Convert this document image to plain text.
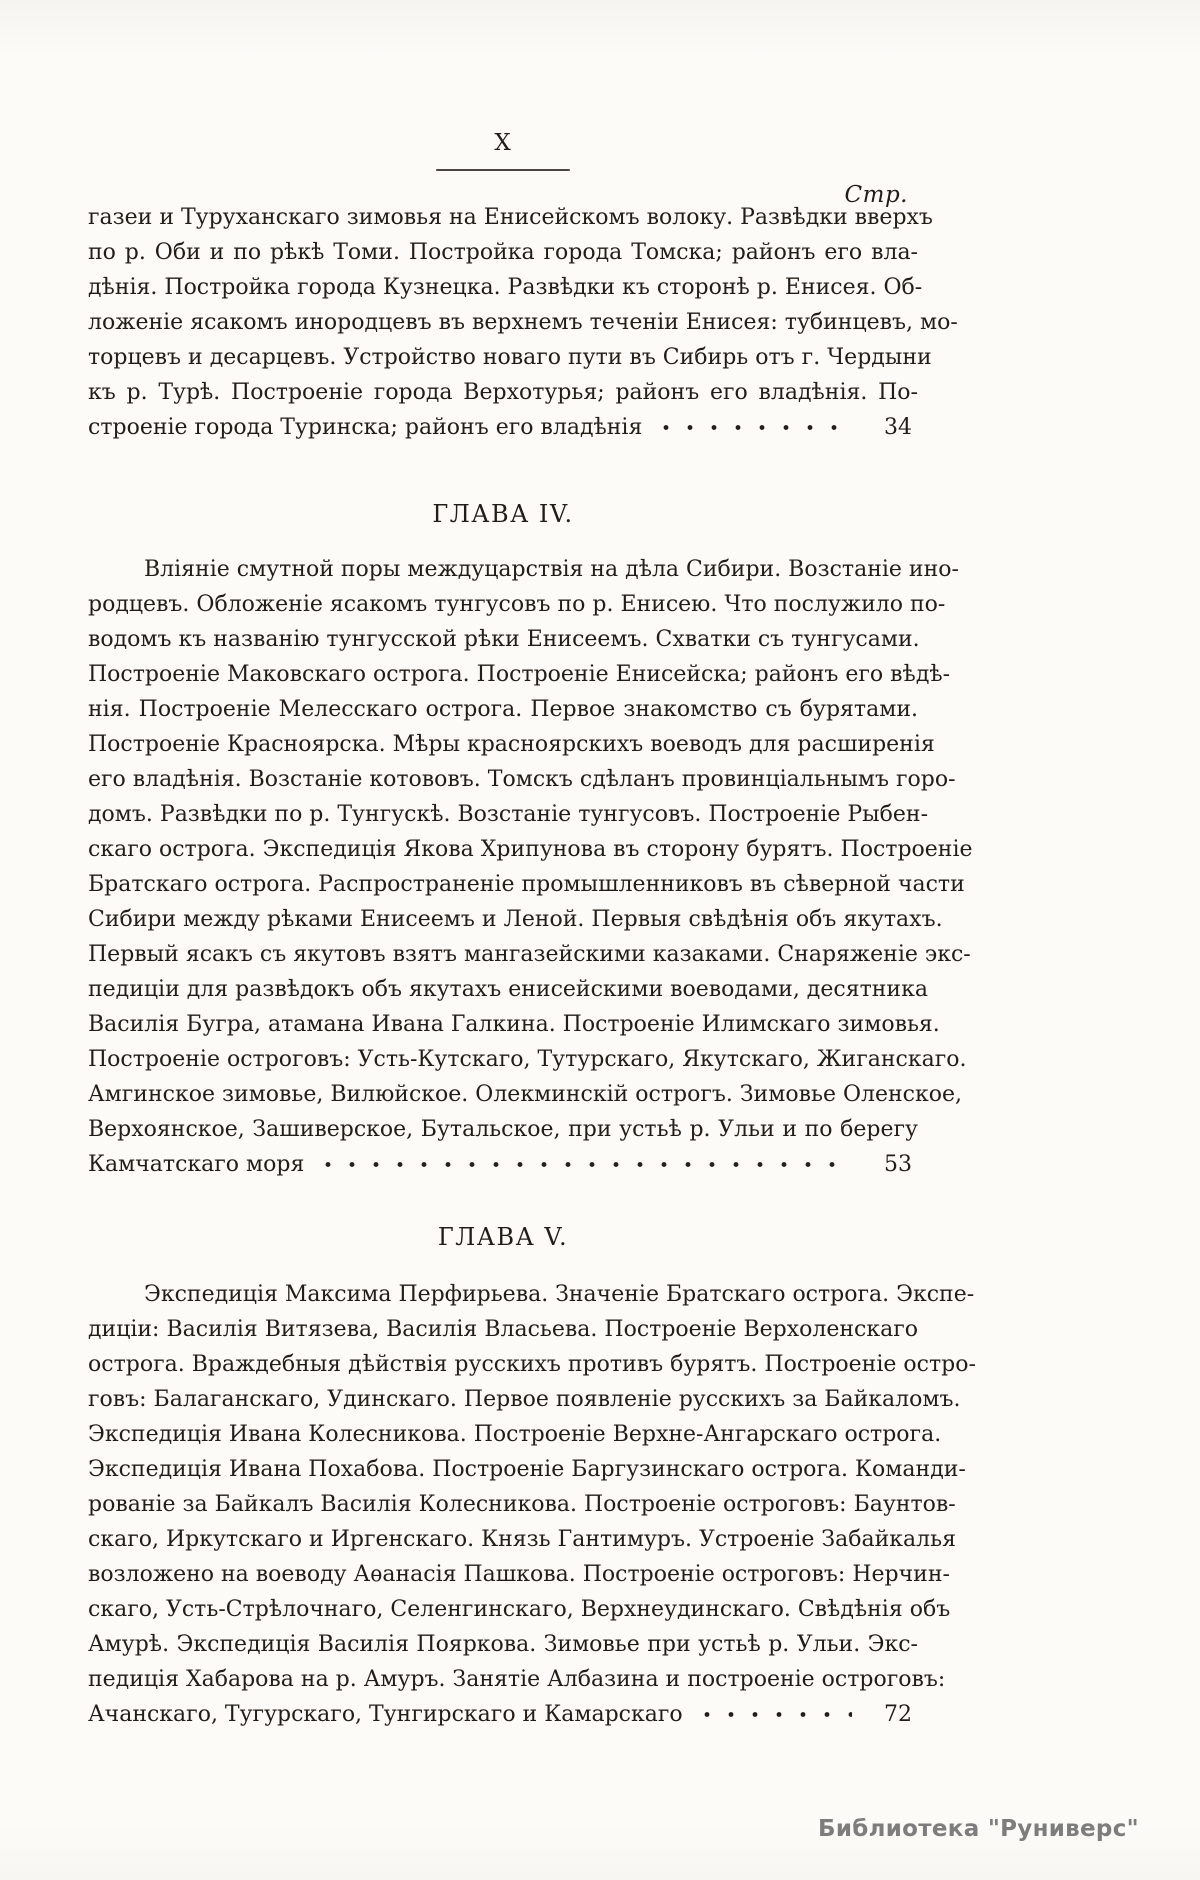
X
Стр.
газеи и Туруханскаго зимовья на Енисейскомъ волоку. Развѣдки вверхъ
по р. Оби и по рѣкѣ Томи. Постройка города Томска; районъ его вла-
дѣнія. Постройка города Кузнецка. Развѣдки къ сторонѣ р. Енисея. Об-
ложеніе ясакомъ инородцевъ въ верхнемъ теченіи Енисея: тубинцевъ, мо-
торцевъ и десарцевъ. Устройство новаго пути въ Сибирь отъ г. Чердыни
къ р. Турѣ. Построеніе города Верхотурья; районъ его владѣнія. По-
строеніе города Туринска; районъ его владѣнія	34
ГЛАВА IV.
Вліяніе смутной поры междуцарствія на дѣла Сибири. Возстаніе ино-
родцевъ. Обложеніе ясакомъ тунгусовъ по р. Енисею. Что послужило по-
водомъ къ названію тунгусской рѣки Енисеемъ. Схватки съ тунгусами.
Построеніе Маковскаго острога. Построеніе Енисейска; районъ его вѣдѣ-
нія. Построеніе Мелесскаго острога. Первое знакомство съ бурятами.
Построеніе Красноярска. Мѣры красноярскихъ воеводъ для расширенія
его владѣнія. Возстаніе котововъ. Томскъ сдѣланъ провинціальнымъ горо-
домъ. Развѣдки по р. Тунгускѣ. Возстаніе тунгусовъ. Построеніе Рыбен-
скаго острога. Экспедиція Якова Хрипунова въ сторону бурятъ. Построеніе
Братскаго острога. Распространеніе промышленниковъ въ сѣверной части
Сибири между рѣками Енисеемъ и Леной. Первыя свѣдѣнія объ якутахъ.
Первый ясакъ съ якутовъ взятъ мангазейскими казаками. Снаряженіе экс-
педиціи для развѣдокъ объ якутахъ енисейскими воеводами, десятника
Василія Бугра, атамана Ивана Галкина. Построеніе Илимскаго зимовья.
Построеніе остроговъ: Усть-Кутскаго, Тутурскаго, Якутскаго, Жиганскаго.
Амгинское зимовье, Вилюйское. Олекминскій острогъ. Зимовье Оленское,
Верхоянское, Зашиверское, Бутальское, при устьѣ р. Ульи и по берегу
Камчатскаго моря	53
ГЛАВА V.
Экспедиція Максима Перфирьева. Значеніе Братскаго острога. Экспе-
диціи: Василія Витязева, Василія Власьева. Построеніе Верхоленскаго
острога. Враждебныя дѣйствія русскихъ противъ бурятъ. Построеніе остро-
говъ: Балаганскаго, Удинскаго. Первое появленіе русскихъ за Байкаломъ.
Экспедиція Ивана Колесникова. Построеніе Верхне-Ангарскаго острога.
Экспедиція Ивана Похабова. Построеніе Баргузинскаго острога. Команди-
рованіе за Байкалъ Василія Колесникова. Построеніе остроговъ: Баунтов-
скаго, Иркутскаго и Иргенскаго. Князь Гантимуръ. Устроеніе Забайкалья
возложено на воеводу Аѳанасія Пашкова. Построеніе остроговъ: Нерчин-
скаго, Усть-Стрѣлочнаго, Селенгинскаго, Верхнеудинскаго. Свѣдѣнія объ
Амурѣ. Экспедиція Василія Пояркова. Зимовье при устьѣ р. Ульи. Экс-
педиція Хабарова на р. Амуръ. Занятіе Албазина и построеніе остроговъ:
Ачанскаго, Тугурскаго, Тунгирскаго и Камарскаго	72
Библиотека "Руниверс"
